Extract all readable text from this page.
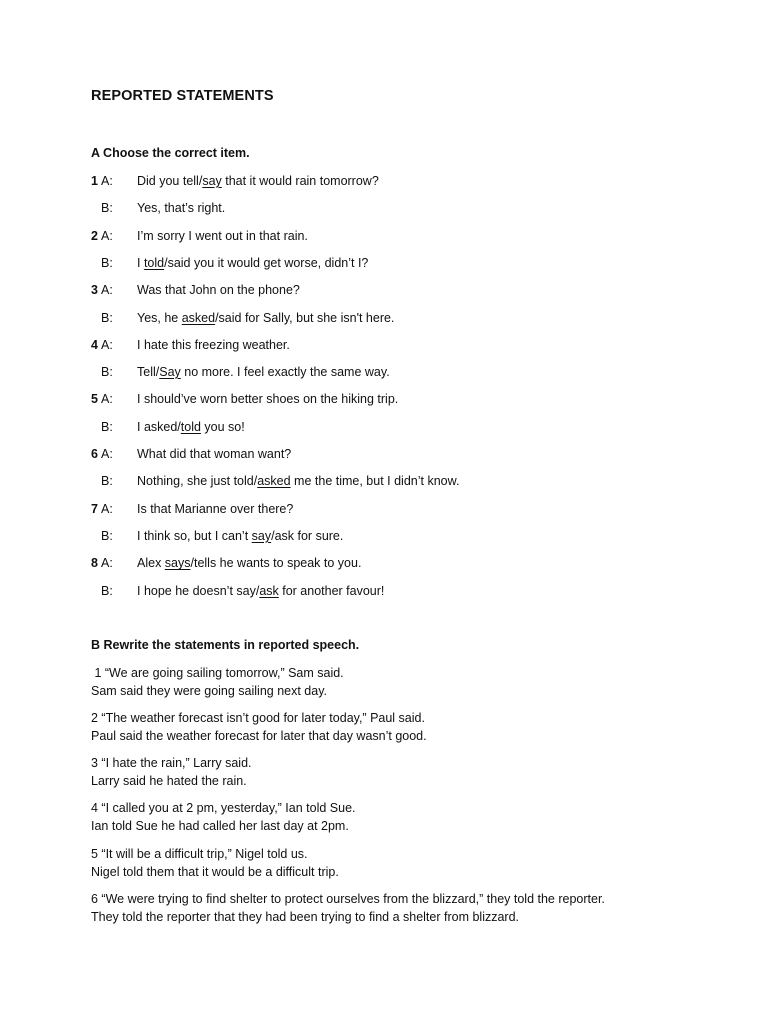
REPORTED STATEMENTS
A Choose the correct item.
1 A: Did you tell/say that it would rain tomorrow?
B: Yes, that’s right.
2 A: I’m sorry I went out in that rain.
B: I told/said you it would get worse, didn’t I?
3 A: Was that John on the phone?
B: Yes, he asked/said for Sally, but she isn't here.
4 A: I hate this freezing weather.
B: Tell/Say no more. I feel exactly the same way.
5 A: I should’ve worn better shoes on the hiking trip.
B: I asked/told you so!
6 A: What did that woman want?
B: Nothing, she just told/asked me the time, but I didn’t know.
7 A: Is that Marianne over there?
B: I think so, but I can’t say/ask for sure.
8 A: Alex says/tells he wants to speak to you.
B: I hope he doesn’t say/ask for another favour!
B Rewrite the statements in reported speech.
1 “We are going sailing tomorrow,” Sam said.
Sam said they were going sailing next day.
2 “The weather forecast isn’t good for later today,” Paul said.
Paul said the weather forecast for later that day wasn’t good.
3 “I hate the rain,” Larry said.
Larry said he hated the rain.
4 “I called you at 2 pm, yesterday,” Ian told Sue.
Ian told Sue he had called her last day at 2pm.
5 “It will be a difficult trip,” Nigel told us.
Nigel told them that it would be a difficult trip.
6 “We were trying to find shelter to protect ourselves from the blizzard,” they told the reporter.
They told the reporter that they had been trying to find a shelter from blizzard.
